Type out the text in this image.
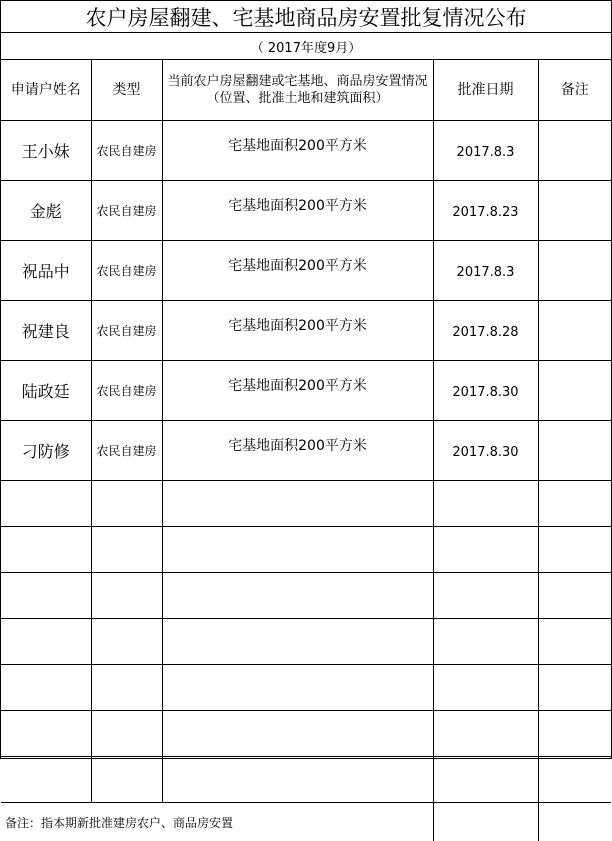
农户房屋翻建、宅基地商品房安置批复情况公布
（ 2017年度9月）
申请户姓名	类型	当前农户房屋翻建或宅基地、商品房安置情况（位置、批准土地和建筑面积）	批准日期	备注
王小妹	农民自建房	宅基地面积200平方米	2017.8.3	
金彪	农民自建房	宅基地面积200平方米	2017.8.23	
祝品中	农民自建房	宅基地面积200平方米	2017.8.3	
祝建良	农民自建房	宅基地面积200平方米	2017.8.28	
陆政廷	农民自建房	宅基地面积200平方米	2017.8.30	
刁防修	农民自建房	宅基地面积200平方米	2017.8.30	

备注：指本期新批准建房农户、商品房安置				
